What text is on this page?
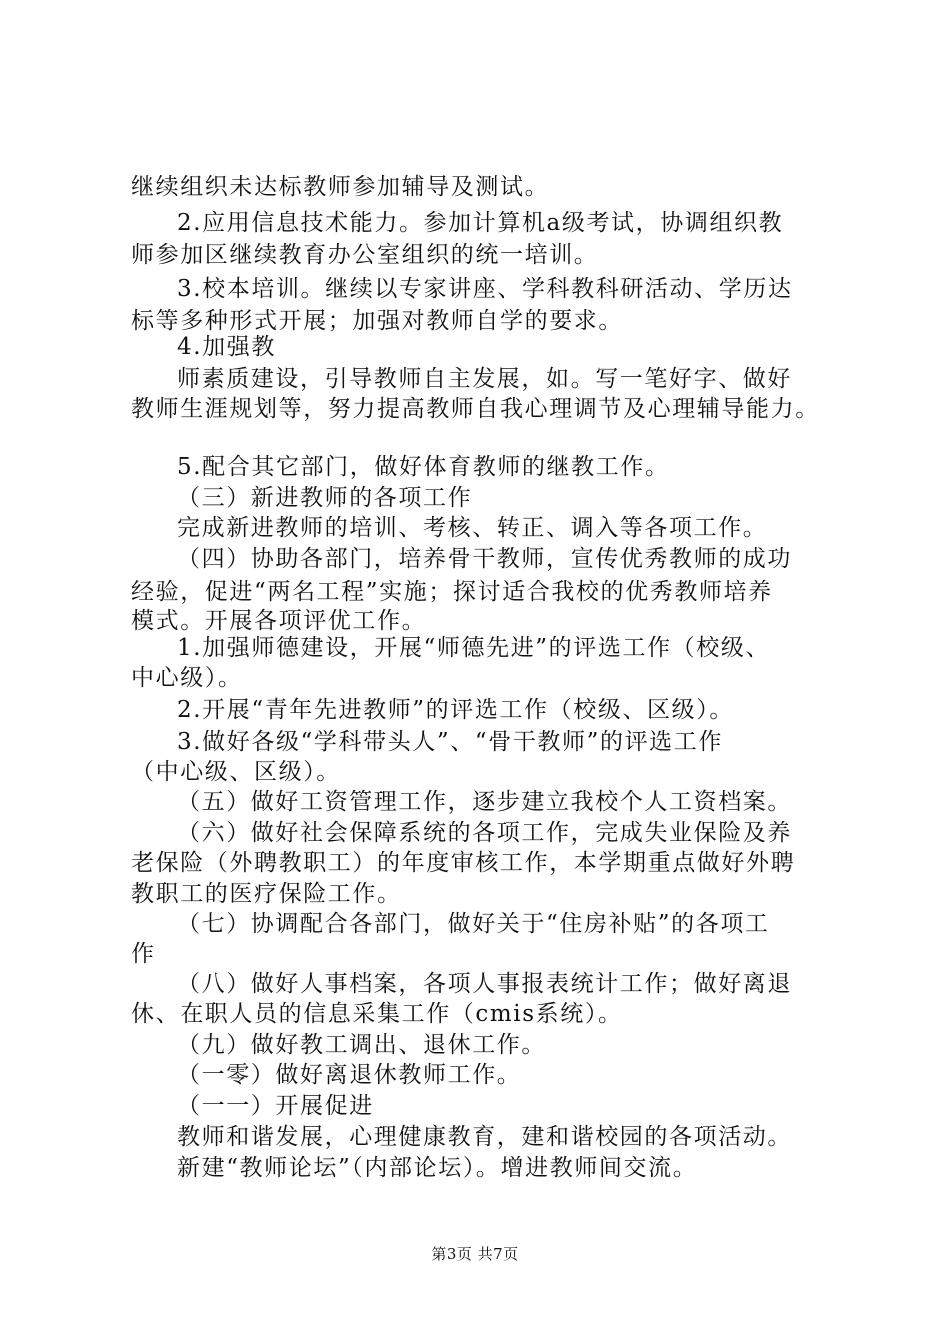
继续组织未达标教师参加辅导及测试。
2.应用信息技术能力。参加计算机a级考试，协调组织教
师参加区继续教育办公室组织的统一培训。
3.校本培训。继续以专家讲座、学科教科研活动、学历达
标等多种形式开展；加强对教师自学的要求。
4.加强教
师素质建设，引导教师自主发展，如。写一笔好字、做好
教师生涯规划等，努力提高教师自我心理调节及心理辅导能力。
5.配合其它部门，做好体育教师的继教工作。
（三）新进教师的各项工作
完成新进教师的培训、考核、转正、调入等各项工作。
（四）协助各部门，培养骨干教师，宣传优秀教师的成功
经验，促进“两名工程”实施；探讨适合我校的优秀教师培养
模式。开展各项评优工作。
1.加强师德建设，开展“师德先进”的评选工作（校级、
中心级）。
2.开展“青年先进教师”的评选工作（校级、区级）。
3.做好各级“学科带头人”、“骨干教师”的评选工作
（中心级、区级）。
（五）做好工资管理工作，逐步建立我校个人工资档案。
（六）做好社会保障系统的各项工作，完成失业保险及养
老保险（外聘教职工）的年度审核工作，本学期重点做好外聘
教职工的医疗保险工作。
（七）协调配合各部门，做好关于“住房补贴”的各项工
作
（八）做好人事档案，各项人事报表统计工作；做好离退
休、在职人员的信息采集工作（cmis系统）。
（九）做好教工调出、退休工作。
（一零）做好离退休教师工作。
（一一）开展促进
教师和谐发展，心理健康教育，建和谐校园的各项活动。
新建“教师论坛”（内部论坛）。增进教师间交流。
第3页 共7页
